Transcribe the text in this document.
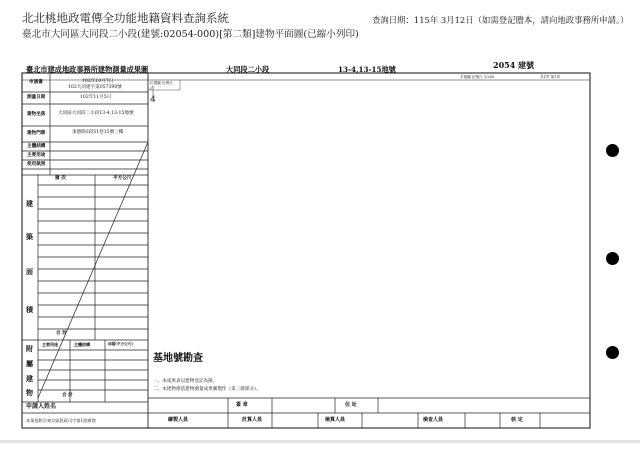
北北桃地政電傳全功能地籍資料查詢系統	查詢日期：115年 3月12日（如需登記謄本，請向地政事務所申請。）
臺北市大同區大同段二小段(建號:02054-000)[第二類]建物平面圖(已縮小列印)
臺北市建成地政事務所建物測量成果圖	大同段二小段	13-4,13-15地號	2054 建號
位置圖 比例尺
平面圖 比例尺 1/200	共1頁 第1頁
4
申請書	102年10月7日
102大同建字第057390號
測量日期	102年11月5日
建物坐落	大同區大同段二小段13-4,13-15地號
建物門牌	承德路3段51巷15號三樓
主體結構
主要用途
使用執照
層 次	平方公尺
建
築
面
積
合 計
主要用途	主體結構	面積(平方公尺)
附
屬
建
物	合 計
申請人姓名
本案依附合東京區段政司字第1款辦理
基地號勘查
一、本成果表以建物登記為限。
二、本建物係依建物測量成果圖製作（第三層部分）。
簽 章	住 址
繪製人員	計算人員	檢算人員	檢查人員	核 定
